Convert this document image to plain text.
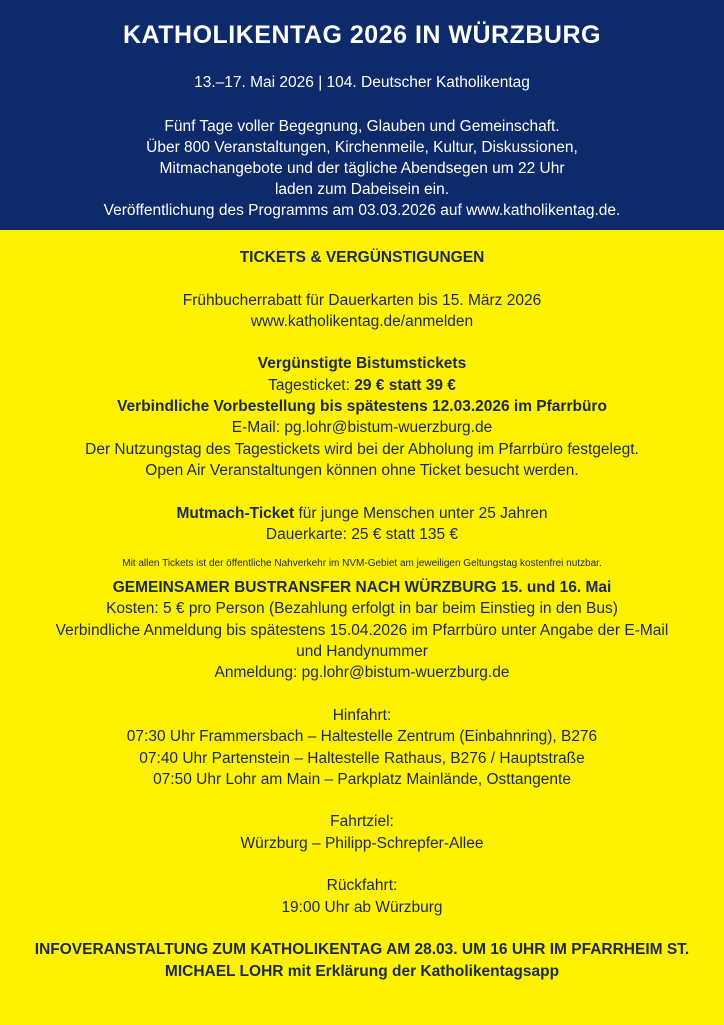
KATHOLIKENTAG 2026 IN WÜRZBURG
13.–17. Mai 2026 | 104. Deutscher Katholikentag
Fünf Tage voller Begegnung, Glauben und Gemeinschaft.
Über 800 Veranstaltungen, Kirchenmeile, Kultur, Diskussionen,
Mitmachangebote und der tägliche Abendsegen um 22 Uhr
laden zum Dabeisein ein.
Veröffentlichung des Programms am 03.03.2026 auf www.katholikentag.de.
TICKETS & VERGÜNSTIGUNGEN
Frühbucherrabatt für Dauerkarten bis 15. März 2026
www.katholikentag.de/anmelden
Vergünstigte Bistumstickets
Tagesticket: 29 € statt 39 €
Verbindliche Vorbestellung bis spätestens 12.03.2026 im Pfarrbüro
E-Mail: pg.lohr@bistum-wuerzburg.de
Der Nutzungstag des Tagestickets wird bei der Abholung im Pfarrbüro festgelegt.
Open Air Veranstaltungen können ohne Ticket besucht werden.
Mutmach-Ticket für junge Menschen unter 25 Jahren
Dauerkarte: 25 € statt 135 €
Mit allen Tickets ist der öffentliche Nahverkehr im NVM-Gebiet am jeweiligen Geltungstag kostenfrei nutzbar.
GEMEINSAMER BUSTRANSFER NACH WÜRZBURG 15. und 16. Mai
Kosten: 5 € pro Person (Bezahlung erfolgt in bar beim Einstieg in den Bus)
Verbindliche Anmeldung bis spätestens 15.04.2026 im Pfarrbüro unter Angabe der E-Mail
und Handynummer
Anmeldung: pg.lohr@bistum-wuerzburg.de
Hinfahrt:
07:30 Uhr Frammersbach – Haltestelle Zentrum (Einbahnring), B276
07:40 Uhr Partenstein – Haltestelle Rathaus, B276 / Hauptstraße
07:50 Uhr Lohr am Main – Parkplatz Mainlände, Osttangente
Fahrtziel:
Würzburg – Philipp-Schrepfer-Allee
Rückfahrt:
19:00 Uhr ab Würzburg
INFOVERANSTALTUNG ZUM KATHOLIKENTAG AM 28.03. UM 16 UHR IM PFARRHEIM ST.
MICHAEL LOHR mit Erklärung der Katholikentagsapp
